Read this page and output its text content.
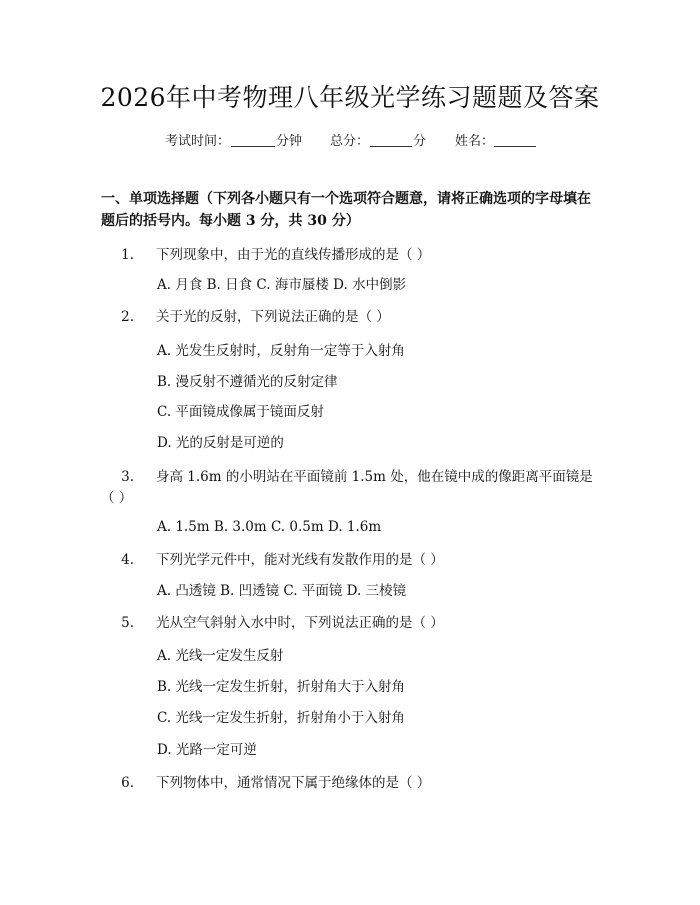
2026年中考物理八年级光学练习题题及答案
考试时间：	分钟 总分：	分 姓名：
一、单项选择题（下列各小题只有一个选项符合题意，请将正确选项的字母填在题后的括号内。每小题 3 分，共 30 分）
1. 下列现象中，由于光的直线传播形成的是（ ）
A. 月食 B. 日食 C. 海市蜃楼 D. 水中倒影
2. 关于光的反射，下列说法正确的是（ ）
A. 光发生反射时，反射角一定等于入射角
B. 漫反射不遵循光的反射定律
C. 平面镜成像属于镜面反射
D. 光的反射是可逆的
3. 身高 1.6m 的小明站在平面镜前 1.5m 处，他在镜中成的像距离平面镜是
（ ）
A. 1.5m B. 3.0m C. 0.5m D. 1.6m
4. 下列光学元件中，能对光线有发散作用的是（ ）
A. 凸透镜 B. 凹透镜 C. 平面镜 D. 三棱镜
5. 光从空气斜射入水中时，下列说法正确的是（ ）
A. 光线一定发生反射
B. 光线一定发生折射，折射角大于入射角
C. 光线一定发生折射，折射角小于入射角
D. 光路一定可逆
6. 下列物体中，通常情况下属于绝缘体的是（ ）
